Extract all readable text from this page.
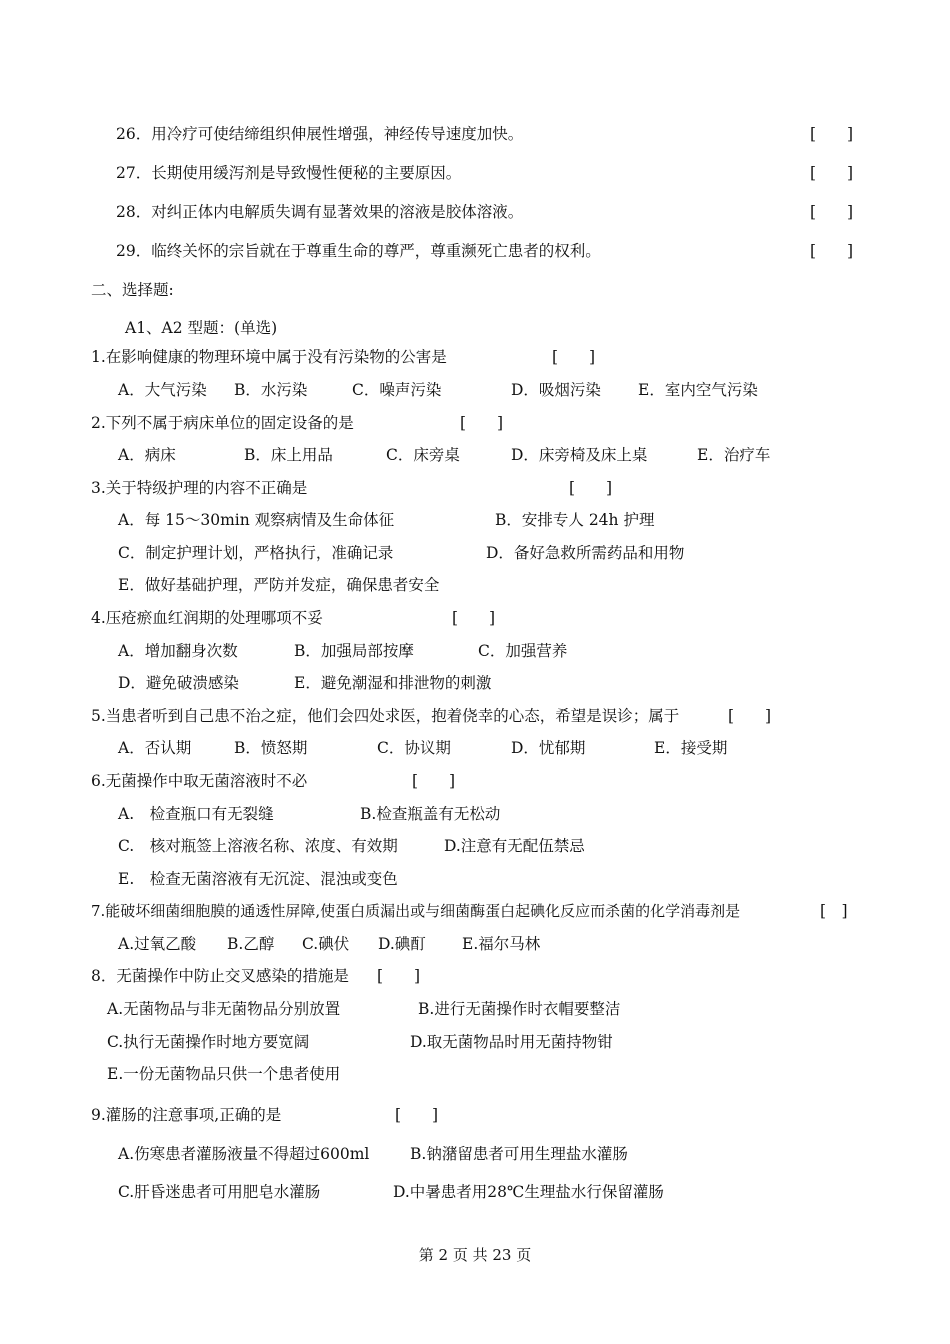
26．用冷疗可使结缔组织伸展性增强，神经传导速度加快。	[　　]
27．长期使用缓泻剂是导致慢性便秘的主要原因。	[　　]
28．对纠正体内电解质失调有显著效果的溶液是胶体溶液。	[　　]
29．临终关怀的宗旨就在于尊重生命的尊严，尊重濒死亡患者的权利。	[　　]
二、选择题:
A1、A2 型题：(单选)
1.在影响健康的物理环境中属于没有污染物的公害是	[　　]
A．大气污染 B．水污染	C．噪声污染	D．吸烟污染 E．室内空气污染
2.下列不属于病床单位的固定设备的是	[　　]
A．病床	B．床上用品	C．床旁桌	D．床旁椅及床上桌	E．治疗车
3.关于特级护理的内容不正确是	[　　]
A．每 15～30min 观察病情及生命体征	B．安排专人 24h 护理
C．制定护理计划，严格执行，准确记录	D．备好急救所需药品和用物
E．做好基础护理，严防并发症，确保患者安全
4.压疮瘀血红润期的处理哪项不妥	[　　]
A．增加翻身次数	B．加强局部按摩	C．加强营养
D．避免破溃感染	E．避免潮湿和排泄物的刺激
5.当患者听到自己患不治之症，他们会四处求医，抱着侥幸的心态，希望是误诊；属于	[　　]
A．否认期	B．愤怒期	C．协议期	D．忧郁期	E．接受期
6.无菌操作中取无菌溶液时不必	[　　]
A.　检查瓶口有无裂缝	B.检查瓶盖有无松动
C.　核对瓶签上溶液名称、浓度、有效期	D.注意有无配伍禁忌
E.　检查无菌溶液有无沉淀、混浊或变色
7.能破坏细菌细胞膜的通透性屏障,使蛋白质漏出或与细菌酶蛋白起碘化反应而杀菌的化学消毒剂是	[　]
A.过氧乙酸 B.乙醇 C.碘伏 D.碘酊 E.福尔马林
8．无菌操作中防止交叉感染的措施是 [　　]
A.无菌物品与非无菌物品分别放置	B.进行无菌操作时衣帽要整洁
C.执行无菌操作时地方要宽阔	D.取无菌物品时用无菌持物钳
E.一份无菌物品只供一个患者使用
9.灌肠的注意事项,正确的是	[　　]
A.伤寒患者灌肠液量不得超过600ml	B.钠潴留患者可用生理盐水灌肠
C.肝昏迷患者可用肥皂水灌肠	D.中暑患者用28℃生理盐水行保留灌肠
第 2 页 共 23 页
